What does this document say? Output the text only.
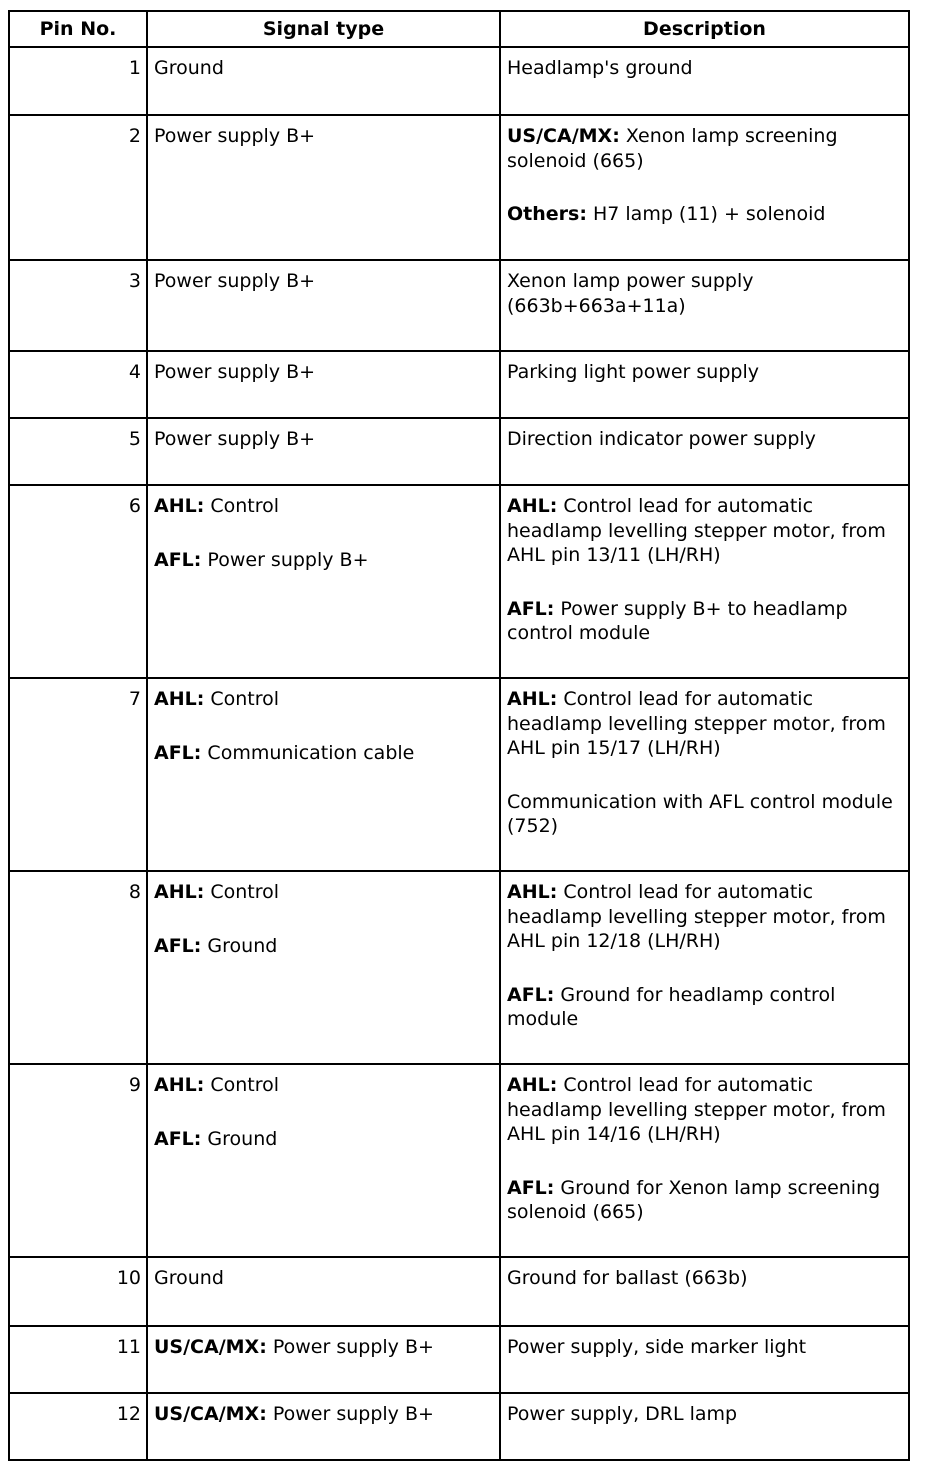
Pin No.	Signal type	Description
1	Ground	Headlamp's ground

2	Power supply B+	US/CA/MX: Xenon lamp screening solenoid (665)
Others: H7 lamp (11) + solenoid

3	Power supply B+	Xenon lamp power supply (663b+663a+11a)

4	Power supply B+	Parking light power supply

5	Power supply B+	Direction indicator power supply

6	AHL: Control
AFL: Power supply B+	AHL: Control lead for automatic headlamp levelling stepper motor, from AHL pin 13/11 (LH/RH)
AFL: Power supply B+ to headlamp control module

7	AHL: Control
AFL: Communication cable	AHL: Control lead for automatic headlamp levelling stepper motor, from AHL pin 15/17 (LH/RH)
Communication with AFL control module (752)

8	AHL: Control
AFL: Ground	AHL: Control lead for automatic headlamp levelling stepper motor, from AHL pin 12/18 (LH/RH)
AFL: Ground for headlamp control module

9	AHL: Control
AFL: Ground	AHL: Control lead for automatic headlamp levelling stepper motor, from AHL pin 14/16 (LH/RH)
AFL: Ground for Xenon lamp screening solenoid (665)

10	Ground	Ground for ballast (663b)

11	US/CA/MX: Power supply B+	Power supply, side marker light

12	US/CA/MX: Power supply B+	Power supply, DRL lamp
